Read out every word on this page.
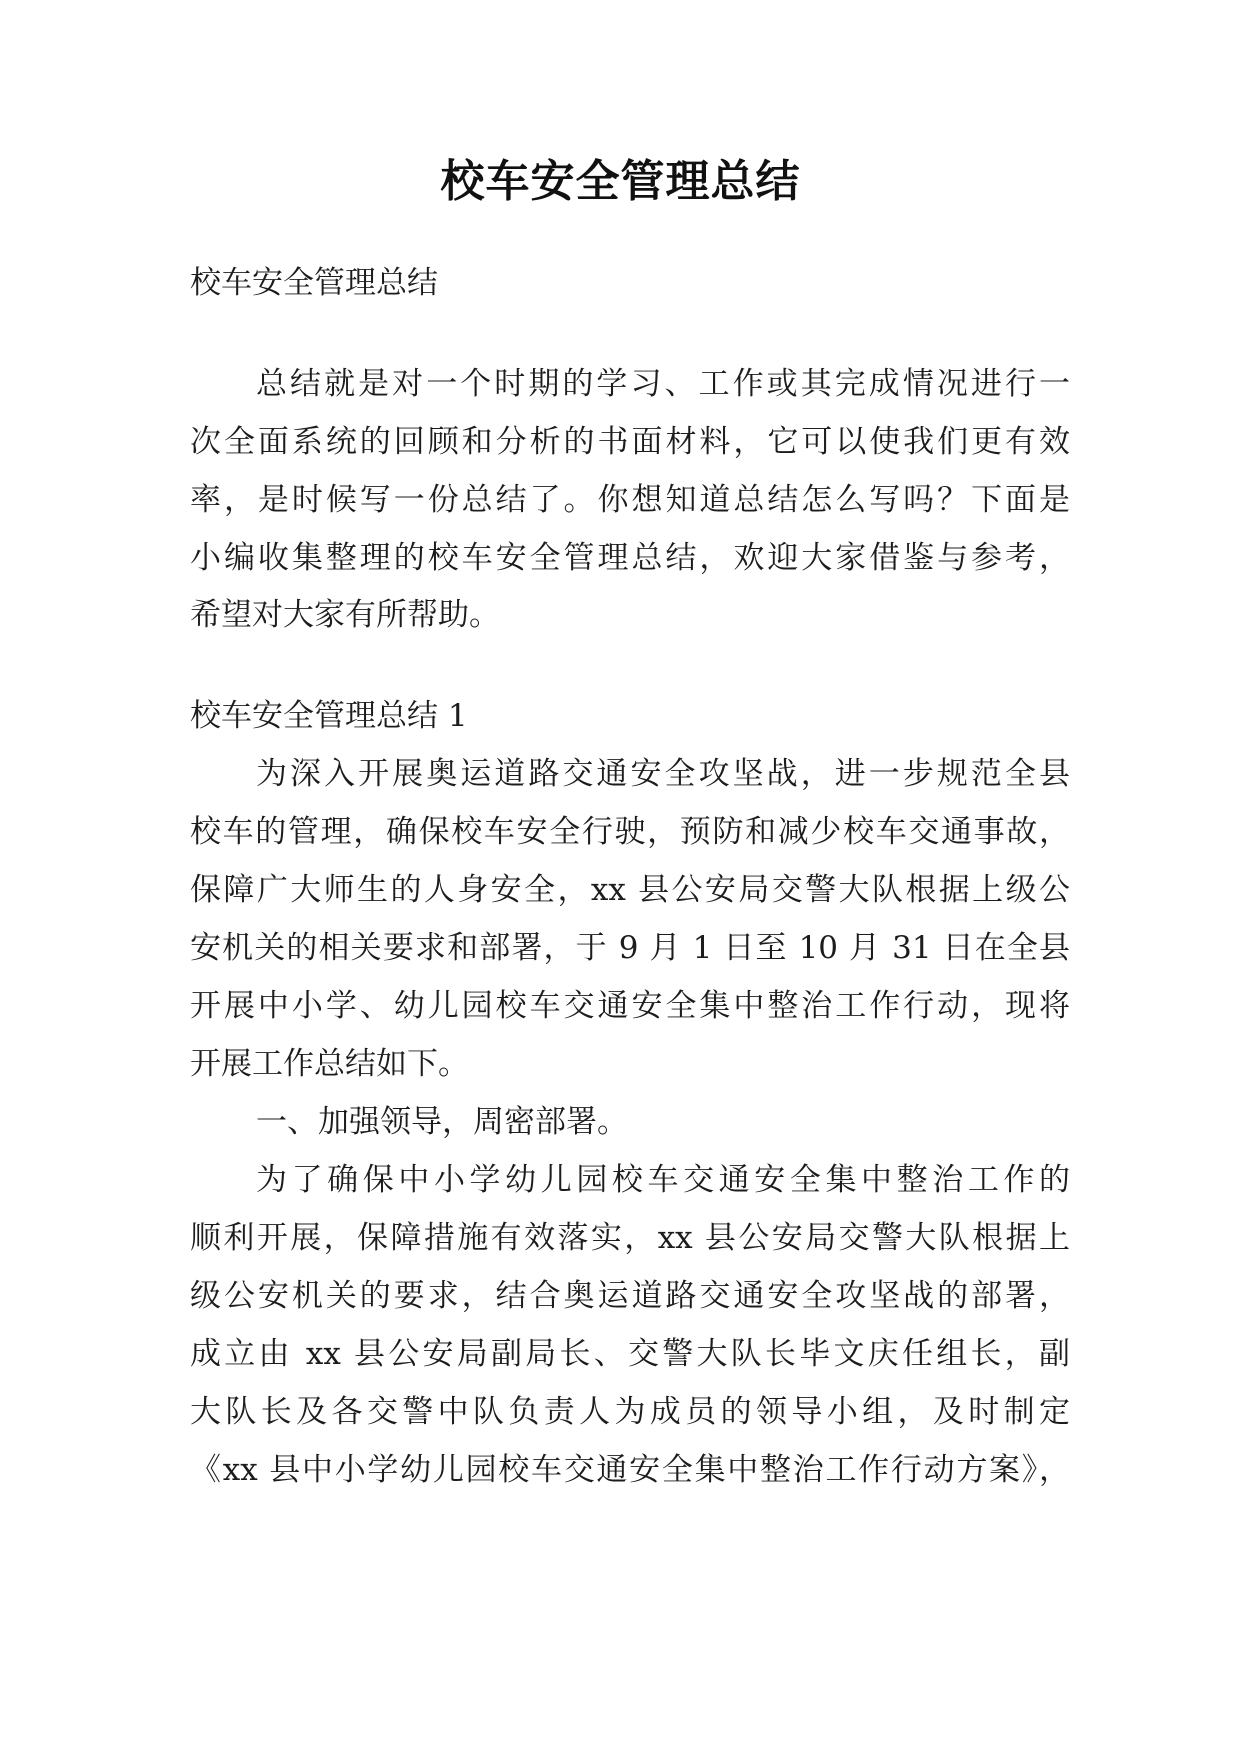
校车安全管理总结
校车安全管理总结
总结就是对一个时期的学习、工作或其完成情况进行一
次全面系统的回顾和分析的书面材料，它可以使我们更有效
率，是时候写一份总结了。你想知道总结怎么写吗？下面是
小编收集整理的校车安全管理总结，欢迎大家借鉴与参考，
希望对大家有所帮助。
校车安全管理总结 1
为深入开展奥运道路交通安全攻坚战，进一步规范全县
校车的管理，确保校车安全行驶，预防和减少校车交通事故，
保障广大师生的人身安全，xx 县公安局交警大队根据上级公
安机关的相关要求和部署，于 9 月 1 日至 10 月 31 日在全县
开展中小学、幼儿园校车交通安全集中整治工作行动，现将
开展工作总结如下。
一、加强领导，周密部署。
为了确保中小学幼儿园校车交通安全集中整治工作的
顺利开展，保障措施有效落实，xx 县公安局交警大队根据上
级公安机关的要求，结合奥运道路交通安全攻坚战的部署，
成立由 xx 县公安局副局长、交警大队长毕文庆任组长，副
大队长及各交警中队负责人为成员的领导小组，及时制定
《xx 县中小学幼儿园校车交通安全集中整治工作行动方案》，
